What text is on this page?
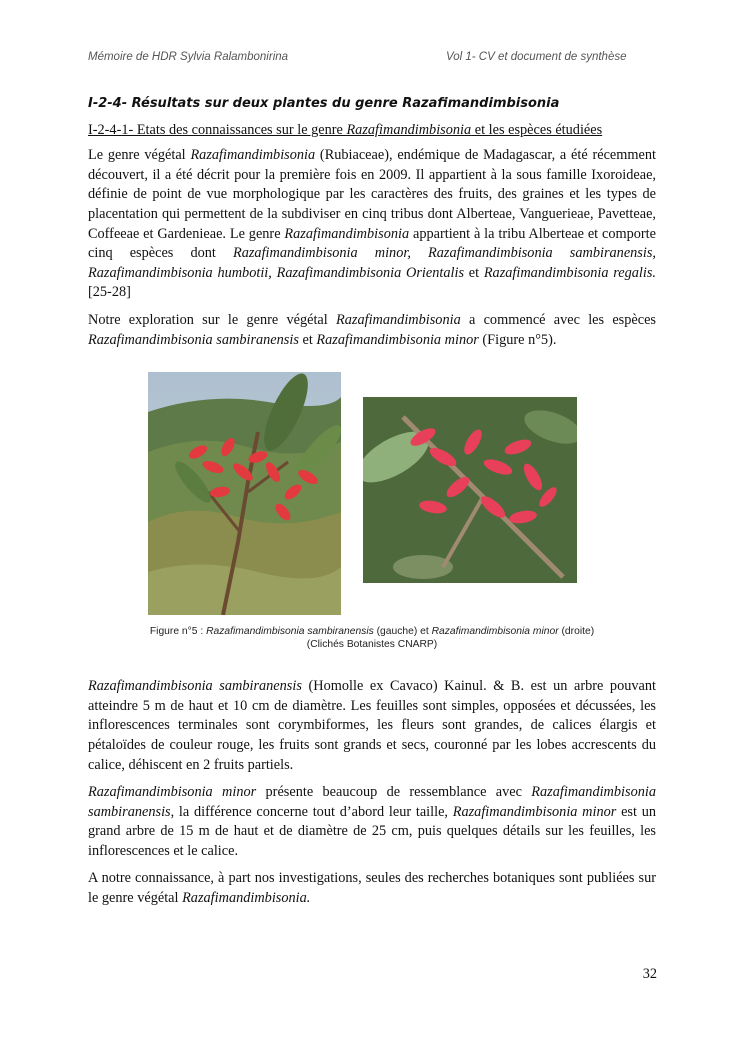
Mémoire de HDR Sylvia Ralambonirina	Vol 1- CV et document de synthèse
I-2-4- Résultats sur deux plantes du genre Razafimandimbisonia
I-2-4-1- Etats des connaissances sur le genre Razafimandimbisonia et les espèces étudiées

Le genre végétal Razafimandimbisonia (Rubiaceae), endémique de Madagascar, a été récemment découvert, il a été décrit pour la première fois en 2009. Il appartient à la sous famille Ixoroideae, définie de point de vue morphologique par les caractères des fruits, des graines et les types de placentation qui permettent de la subdiviser en cinq tribus dont Alberteae, Vanguerieae, Pavetteae, Coffeeae et Gardenieae. Le genre Razafimandimbisonia appartient à la tribu Alberteae et comporte cinq espèces dont Razafimandimbisonia minor, Razafimandimbisonia sambiranensis, Razafimandimbisonia humbotii, Razafimandimbisonia Orientalis et Razafimandimbisonia regalis. [25-28]

Notre exploration sur le genre végétal Razafimandimbisonia a commencé avec les espèces Razafimandimbisonia sambiranensis et Razafimandimbisonia minor (Figure n°5).

Figure n°5 : Razafimandimbisonia sambiranensis (gauche) et Razafimandimbisonia minor (droite)
(Clichés Botanistes CNARP)

Razafimandimbisonia sambiranensis (Homolle ex Cavaco) Kainul. & B. est un arbre pouvant atteindre 5 m de haut et 10 cm de diamètre. Les feuilles sont simples, opposées et décussées, les inflorescences terminales sont corymbiformes, les fleurs sont grandes, de calices élargis et pétaloïdes de couleur rouge, les fruits sont grands et secs, couronné par les lobes accrescents du calice, déhiscent en 2 fruits partiels.

Razafimandimbisonia minor présente beaucoup de ressemblance avec Razafimandimbisonia sambiranensis, la différence concerne tout d’abord leur taille, Razafimandimbisonia minor est un grand arbre de 15 m de haut et de diamètre de 25 cm, puis quelques détails sur les feuilles, les inflorescences et le calice.

A notre connaissance, à part nos investigations, seules des recherches botaniques sont publiées sur le genre végétal Razafimandimbisonia.

32
